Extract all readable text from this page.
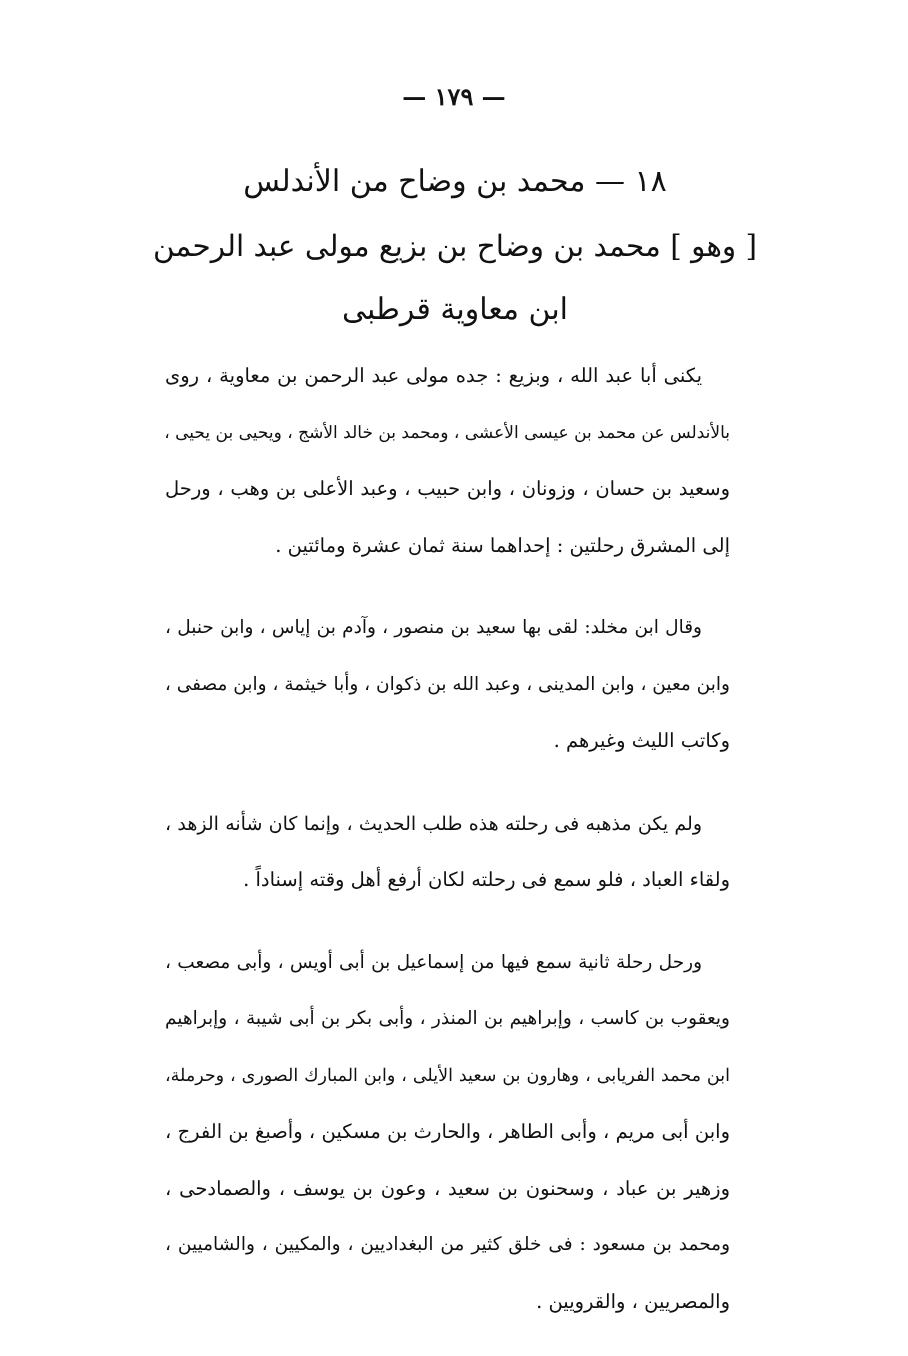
— ١٧٩ —
١٨ — محمد بن وضاح من الأندلس
[ وهو ] محمد بن وضاح بن بزيع مولى عبد الرحمن
ابن معاوية قرطبى
يكنى أبا عبد الله ، وبزيع : جده مولى عبد الرحمن بن معاوية ، روى
بالأندلس عن محمد بن عيسى الأعشى ، ومحمد بن خالد الأشج ، ويحيى بن يحيى ،
وسعيد بن حسان ، وزونان ، وابن حبيب ، وعبد الأعلى بن وهب ، ورحل
إلى المشرق رحلتين : إحداهما سنة ثمان عشرة ومائتين .
وقال ابن مخلد: لقى بها سعيد بن منصور ، وآدم بن إياس ، وابن حنبل ،
وابن معين ، وابن المدينى ، وعبد الله بن ذكوان ، وأبا خيثمة ، وابن مصفى ،
وكاتب الليث وغيرهم .
ولم يكن مذهبه فى رحلته هذه طلب الحديث ، وإنما كان شأنه الزهد ،
ولقاء العباد ، فلو سمع فى رحلته لكان أرفع أهل وقته إسناداً .
ورحل رحلة ثانية سمع فيها من إسماعيل بن أبى أويس ، وأبى مصعب ،
ويعقوب بن كاسب ، وإبراهيم بن المنذر ، وأبى بكر بن أبى شيبة ، وإبراهيم
ابن محمد الفريابى ، وهارون بن سعيد الأيلى ، وابن المبارك الصورى ، وحرملة،
وابن أبى مريم ، وأبى الطاهر ، والحارث بن مسكين ، وأصبغ بن الفرج ،
وزهير بن عباد ، وسحنون بن سعيد ، وعون بن يوسف ، والصمادحى ،
ومحمد بن مسعود : فى خلق كثير من البغداديين ، والمكيين ، والشاميين ،
والمصريين ، والقرويين .
